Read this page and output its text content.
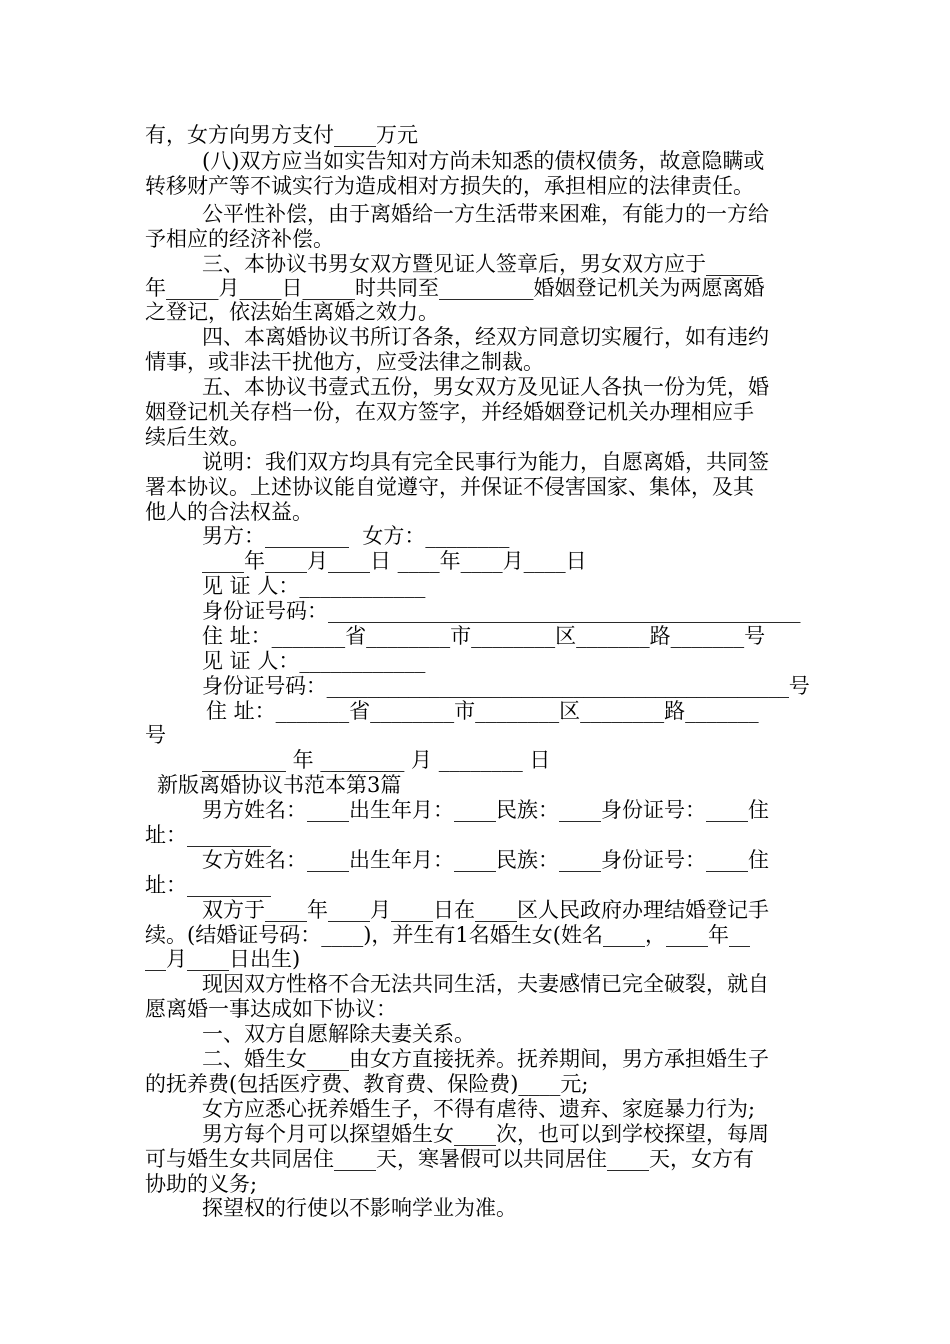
有，女方向男方支付____万元
(八)双方应当如实告知对方尚未知悉的债权债务，故意隐瞒或
转移财产等不诚实行为造成相对方损失的，承担相应的法律责任。
公平性补偿，由于离婚给一方生活带来困难，有能力的一方给
予相应的经济补偿。
三、本协议书男女双方暨见证人签章后，男女双方应于_____
年_____月____日_____时共同至_________婚姻登记机关为两愿离婚
之登记，依法始生离婚之效力。
四、本离婚协议书所订各条，经双方同意切实履行，如有违约
情事，或非法干扰他方，应受法律之制裁。
五、本协议书壹式五份，男女双方及见证人各执一份为凭，婚
姻登记机关存档一份，在双方签字，并经婚姻登记机关办理相应手
续后生效。
说明：我们双方均具有完全民事行为能力，自愿离婚，共同签
署本协议。上述协议能自觉遵守，并保证不侵害国家、集体，及其
他人的合法权益。
男方：________  女方：________
____年____月____日 ____年____月____日
见 证 人：____________
身份证号码：_____________________________________________
住 址：_______省________市________区_______路_______号
见 证 人：____________
身份证号码：_____________________________________________号
住 址：_______省________市________区________路_______
号
________ 年 ________ 月 ________ 日
新版离婚协议书范本第3篇
男方姓名：____出生年月：____民族：____身份证号：____住
址：________
女方姓名：____出生年月：____民族：____身份证号：____住
址：________
双方于____年____月____日在____区人民政府办理结婚登记手
续。(结婚证号码：____)，并生有1名婚生女(姓名____，____年__
__月____日出生)
现因双方性格不合无法共同生活，夫妻感情已完全破裂，就自
愿离婚一事达成如下协议：
一、双方自愿解除夫妻关系。
二、婚生女____由女方直接抚养。抚养期间，男方承担婚生子
的抚养费(包括医疗费、教育费、保险费)____元;
女方应悉心抚养婚生子，不得有虐待、遗弃、家庭暴力行为;
男方每个月可以探望婚生女____次，也可以到学校探望，每周
可与婚生女共同居住____天，寒暑假可以共同居住____天，女方有
协助的义务;
探望权的行使以不影响学业为准。
